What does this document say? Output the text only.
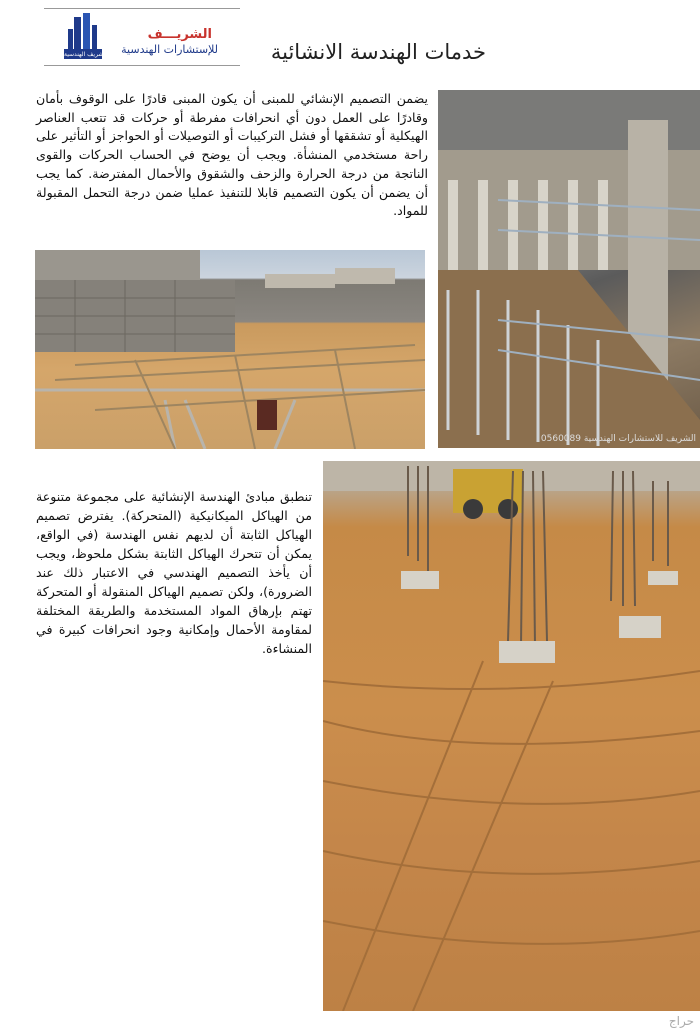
الشريف الهندسية
الشريـــف
للإستشارات الهندسية	خدمات الهندسة الانشائية
يضمن التصميم الإنشائي للمبنى أن يكون المبنى قادرًا على الوقوف بأمان وقادرًا على العمل دون أي انحرافات مفرطة أو حركات قد تتعب العناصر الهيكلية أو تشققها أو فشل التركيبات أو التوصيلات أو الحواجز أو التأثير على راحة مستخدمي المنشأة. ويجب أن يوضح في الحساب الحركات والقوى الناتجة من درجة الحرارة والزحف والشقوق والأحمال المفترضة. كما يجب أن يضمن أن يكون التصميم قابلا للتنفيذ عمليا ضمن درجة التحمل المقبولة للمواد.
الشريف للاستشارات الهندسية 0560089
تنطبق مبادئ الهندسة الإنشائية على مجموعة متنوعة من الهياكل الميكانيكية (المتحركة). يفترض تصميم الهياكل الثابتة أن لديهم نفس الهندسة (في الواقع، يمكن أن تتحرك الهياكل الثابتة بشكل ملحوظ، ويجب أن يأخذ التصميم الهندسي في الاعتبار ذلك عند الضرورة)، ولكن تصميم الهياكل المنقولة أو المتحركة تهتم بإرهاق المواد المستخدمة والطريقة المختلفة لمقاومة الأحمال وإمكانية وجود انحرافات كبيرة في المنشاءة.
حراج
